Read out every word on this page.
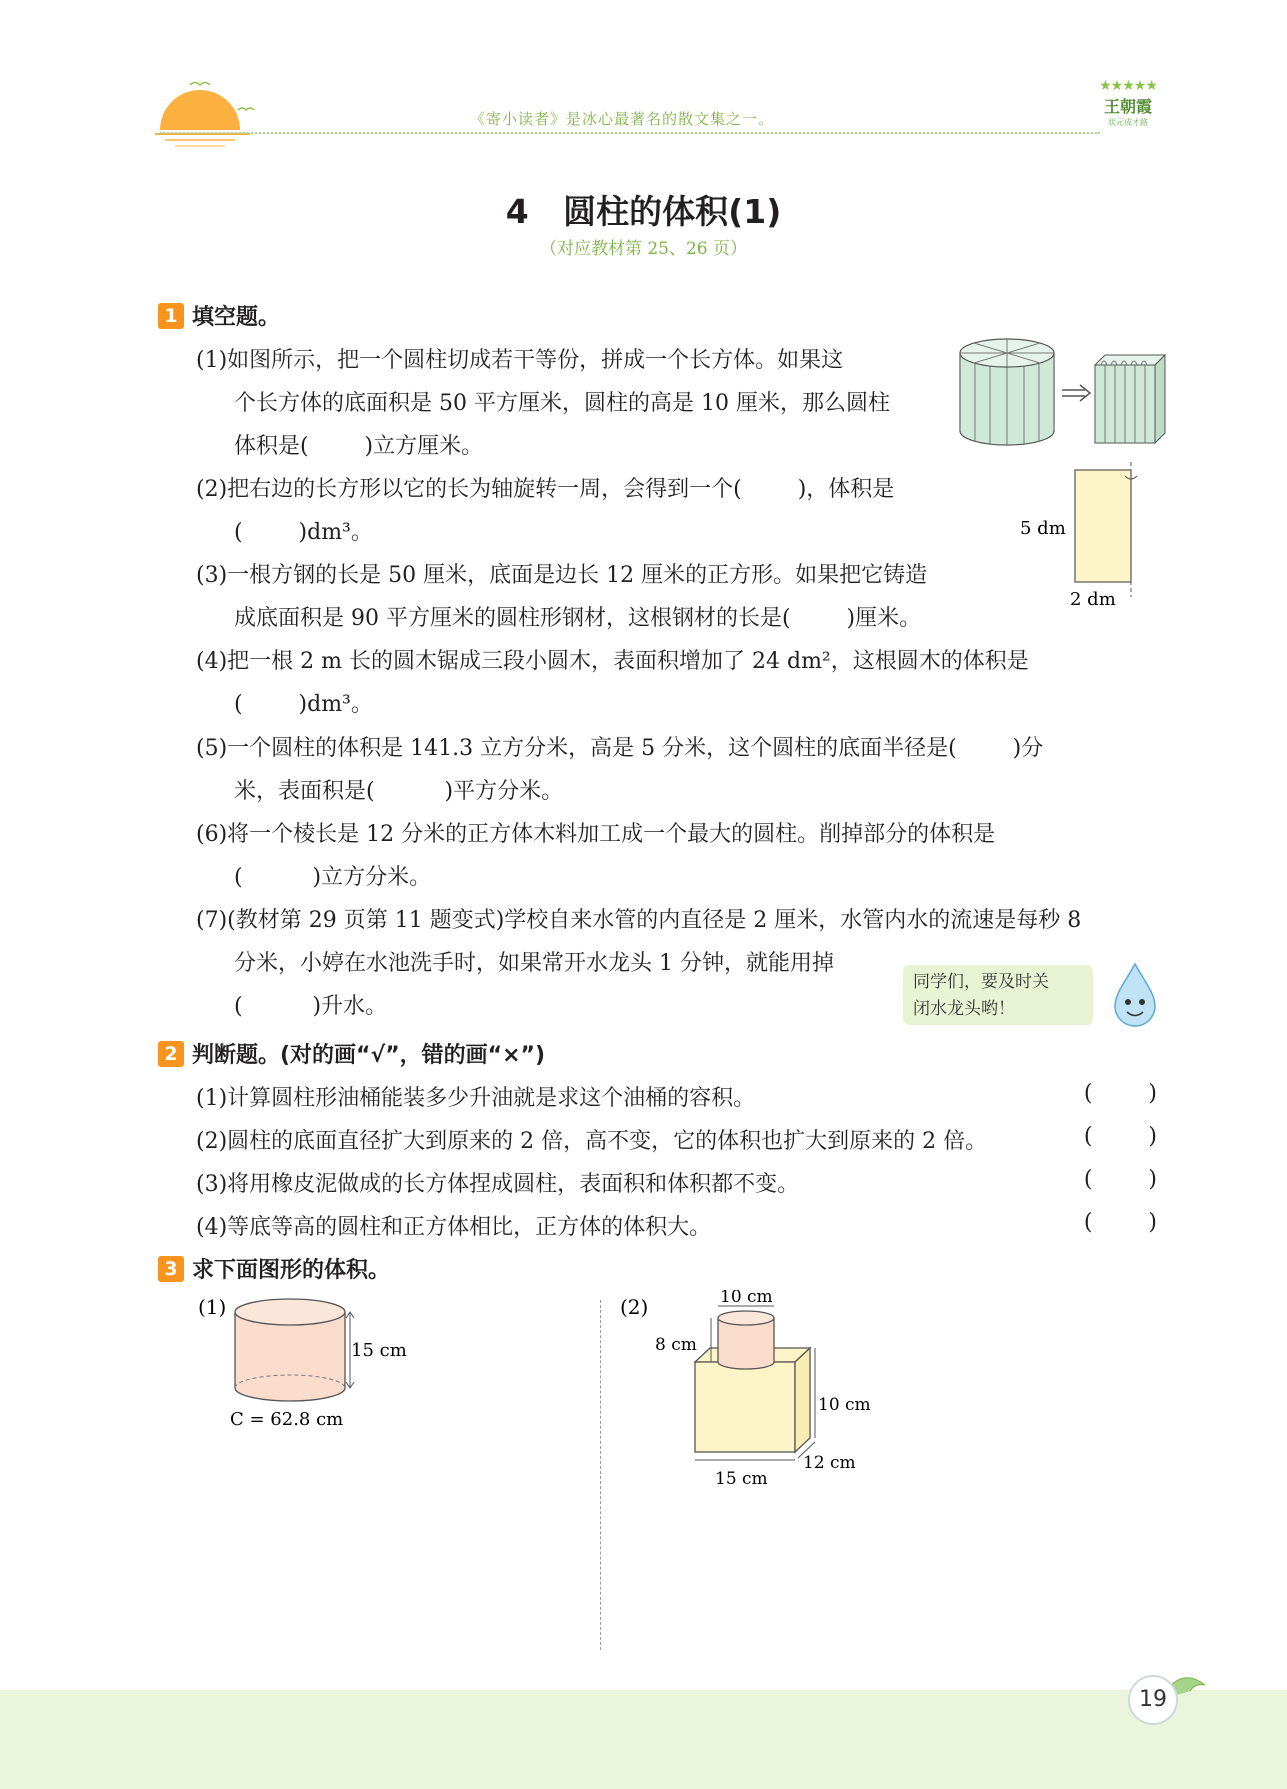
《寄小读者》是冰心最著名的散文集之一。
★★★★★
王朝霞
状元成才路
4   圆柱的体积(1)
（对应教材第 25、26 页）
1 填空题。
(1)如图所示，把一个圆柱切成若干等份，拼成一个长方体。如果这
个长方体的底面积是 50 平方厘米，圆柱的高是 10 厘米，那么圆柱
体积是(        )立方厘米。
(2)把右边的长方形以它的长为轴旋转一周，会得到一个(        )，体积是
(        )dm³。	5 dm
2 dm
(3)一根方钢的长是 50 厘米，底面是边长 12 厘米的正方形。如果把它铸造
成底面积是 90 平方厘米的圆柱形钢材，这根钢材的长是(        )厘米。
(4)把一根 2 m 长的圆木锯成三段小圆木，表面积增加了 24 dm²，这根圆木的体积是
(        )dm³。
(5)一个圆柱的体积是 141.3 立方分米，高是 5 分米，这个圆柱的底面半径是(        )分
米，表面积是(          )平方分米。
(6)将一个棱长是 12 分米的正方体木料加工成一个最大的圆柱。削掉部分的体积是
(          )立方分米。
(7)(教材第 29 页第 11 题变式)学校自来水管的内直径是 2 厘米，水管内水的流速是每秒 8
分米，小婷在水池洗手时，如果常开水龙头 1 分钟，就能用掉
(          )升水。
同学们，要及时关
闭水龙头哟！
2 判断题。(对的画“√”，错的画“×”)
(1)计算圆柱形油桶能装多少升油就是求这个油桶的容积。	(        )
(2)圆柱的底面直径扩大到原来的 2 倍，高不变，它的体积也扩大到原来的 2 倍。	(        )
(3)将用橡皮泥做成的长方体捏成圆柱，表面积和体积都不变。	(        )
(4)等底等高的圆柱和正方体相比，正方体的体积大。	(        )
3 求下面图形的体积。
(1)
15 cm
C = 62.8 cm
(2)	10 cm
8 cm
10 cm
12 cm
15 cm
19
